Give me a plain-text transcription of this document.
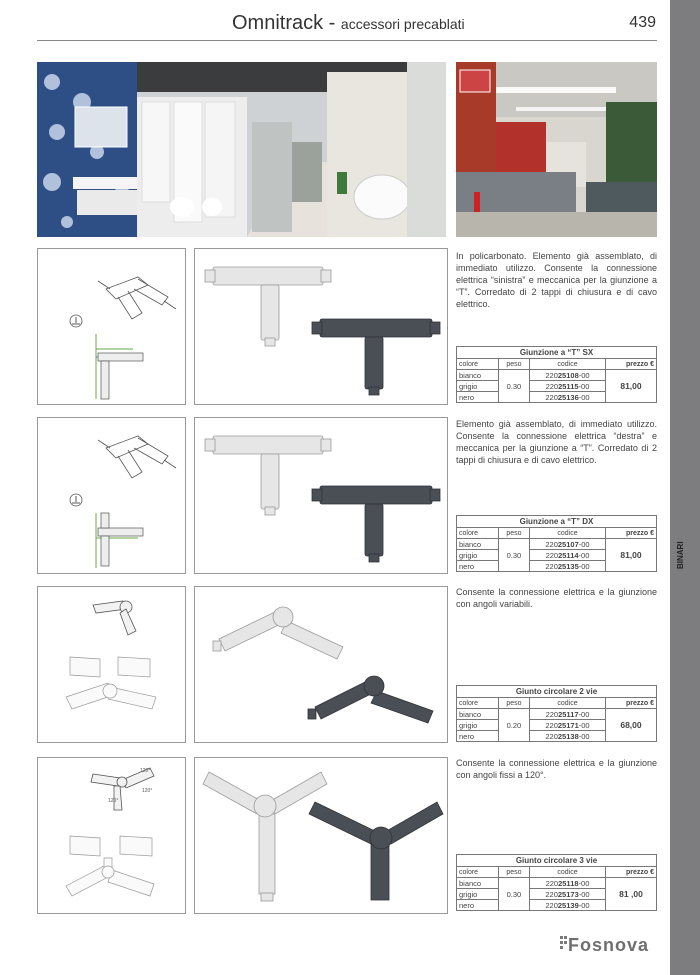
Omnitrack - accessori precablati	439
BINARI
In policarbonato. Elemento già assemblato, di immediato utilizzo. Consente la connessione elettrica “sinistra” e meccanica per la giunzione a “T”. Corredato di 2 tappi di chiusura e di cavo elettrico.
Giunzione a “T” SX			
colore	peso	codice	prezzo €
bianco	0.30	22025108-00	81,00
grigio		22025115-00	
nero		22025136-00	
Elemento già assemblato, di immediato utilizzo. Consente la connessione elettrica “destra” e meccanica per la giunzione a “T”. Corredato di 2 tappi di chiusura e di cavo elettrico.
Giunzione a “T” DX			
colore	peso	codice	prezzo €
bianco	0.30	22025107-00	81,00
grigio		22025114-00	
nero		22025135-00	
Consente la connessione elettrica e la giunzione con angoli variabili.
Giunto circolare 2 vie			
colore	peso	codice	prezzo €
bianco	0.20	22025117-00	68,00
grigio		22025171-00	
nero		22025138-00	
120°
120°
120°
Consente la connessione elettrica e la giunzione con angoli fissi a 120°.
Giunto circolare 3 vie			
colore	peso	codice	prezzo €
bianco	0.30	22025118-00	81 ,00
grigio		22025173-00	
nero		22025139-00	
Fosnova
